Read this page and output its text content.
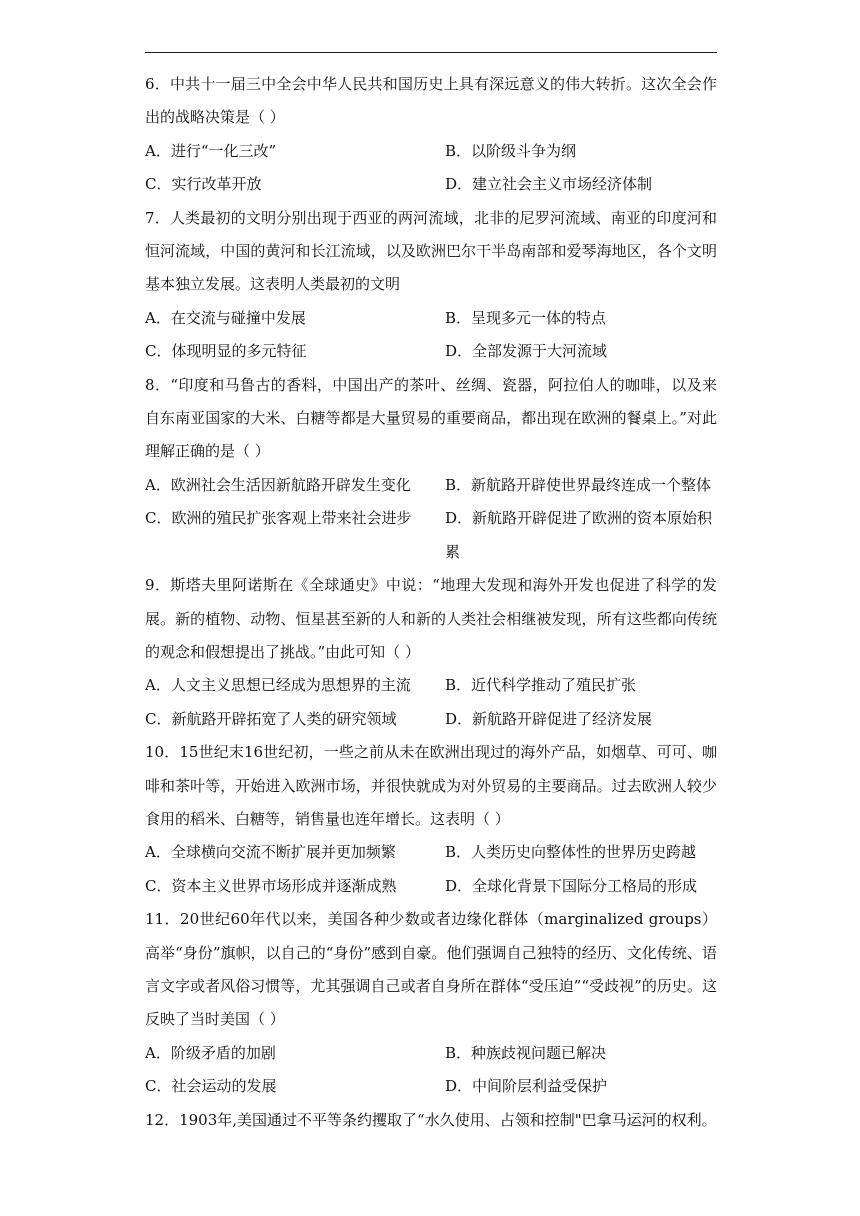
6．中共十一届三中全会中华人民共和国历史上具有深远意义的伟大转折。这次全会作出的战略决策是（ ）

A．进行“一化三改”	B．以阶级斗争为纲
C．实行改革开放	D．建立社会主义市场经济体制

7．人类最初的文明分别出现于西亚的两河流域，北非的尼罗河流域、南亚的印度河和恒河流域，中国的黄河和长江流域，以及欧洲巴尔干半岛南部和爱琴海地区，各个文明基本独立发展。这表明人类最初的文明

A．在交流与碰撞中发展	B．呈现多元一体的特点
C．体现明显的多元特征	D．全部发源于大河流域

8．“印度和马鲁古的香料，中国出产的茶叶、丝绸、瓷器，阿拉伯人的咖啡，以及来自东南亚国家的大米、白糖等都是大量贸易的重要商品，都出现在欧洲的餐桌上。”对此理解正确的是（ ）

A．欧洲社会生活因新航路开辟发生变化	B．新航路开辟使世界最终连成一个整体
C．欧洲的殖民扩张客观上带来社会进步	D．新航路开辟促进了欧洲的资本原始积累

9．斯塔夫里阿诺斯在《全球通史》中说：“地理大发现和海外开发也促进了科学的发展。新的植物、动物、恒星甚至新的人和新的人类社会相继被发现，所有这些都向传统的观念和假想提出了挑战。”由此可知（ ）

A．人文主义思想已经成为思想界的主流	B．近代科学推动了殖民扩张
C．新航路开辟拓宽了人类的研究领域	D．新航路开辟促进了经济发展

10．15世纪末16世纪初，一些之前从未在欧洲出现过的海外产品，如烟草、可可、咖啡和茶叶等，开始进入欧洲市场，并很快就成为对外贸易的主要商品。过去欧洲人较少食用的稻米、白糖等，销售量也连年增长。这表明（ ）

A．全球横向交流不断扩展并更加频繁	B．人类历史向整体性的世界历史跨越
C．资本主义世界市场形成并逐渐成熟	D．全球化背景下国际分工格局的形成

11．20世纪60年代以来，美国各种少数或者边缘化群体（marginalized groups）高举“身份”旗帜，以自己的“身份”感到自豪。他们强调自己独特的经历、文化传统、语言文字或者风俗习惯等，尤其强调自己或者自身所在群体“受压迫”“受歧视”的历史。这反映了当时美国（ ）

A．阶级矛盾的加剧	B．种族歧视问题已解决
C．社会运动的发展	D．中间阶层利益受保护

12．1903年,美国通过不平等条约攫取了“水久使用、占领和控制"巴拿马运河的权利。
